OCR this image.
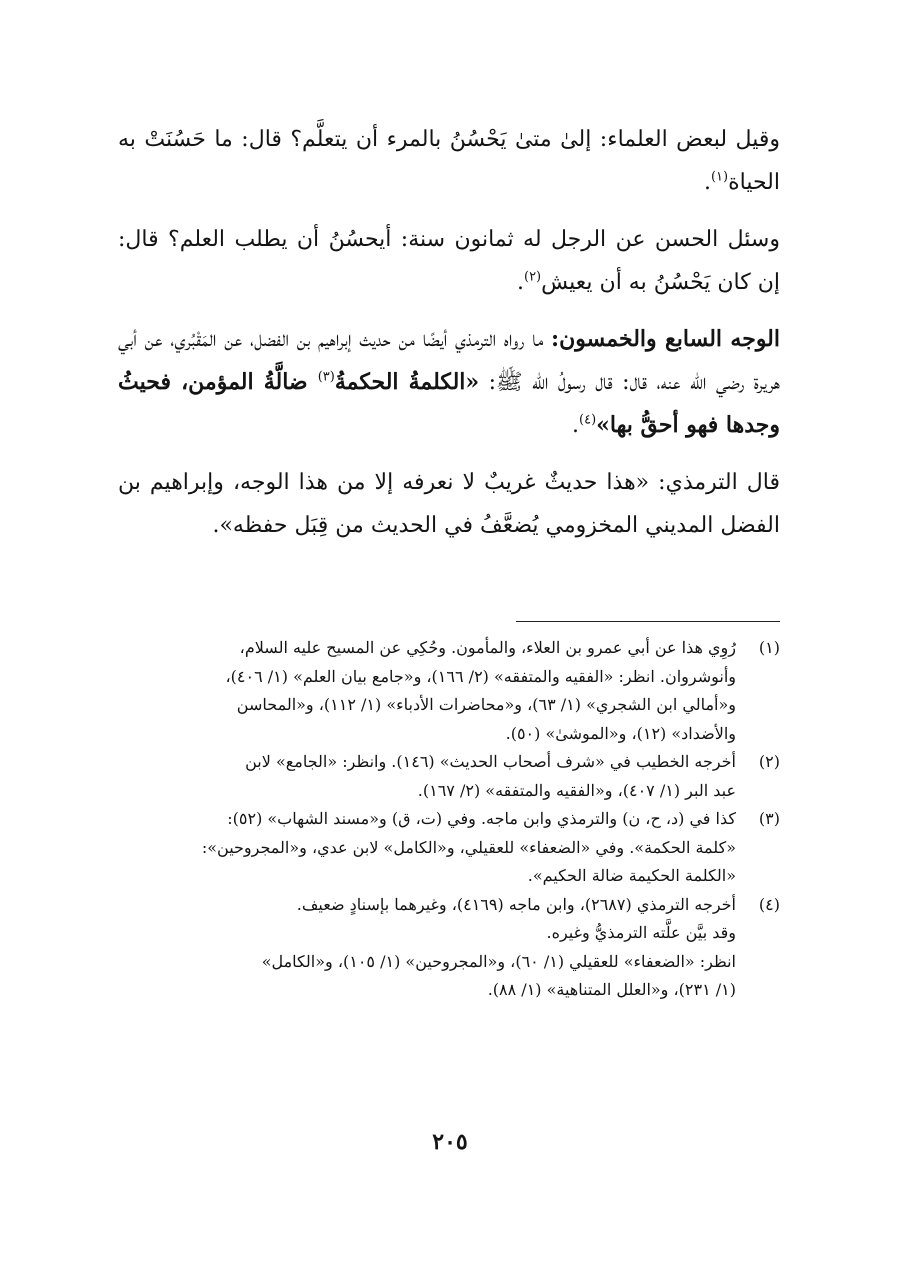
وقيل لبعض العلماء: إلىٰ متىٰ يَحْسُنُ بالمرء أن يتعلَّم؟ قال: ما حَسُنَتْ به الحياة$^{(١)}$.

وسئل الحسن عن الرجل له ثمانون سنة: أيحسُنُ أن يطلب العلم؟ قال: إن كان يَحْسُنُ به أن يعيش$^{(٢)}$.

الوجه السابع والخمسون: ما رواه الترمذي أيضًا من حديث إبراهيم بن الفضل، عن المَقْبُري، عن أبي هريرة رضي الله عنه، قال: قال رسولُ الله ﷺ: «الكلمةُ الحكمةُ$^{(٣)}$ ضالَّةُ المؤمن، فحيثُ وجدها فهو أحقُّ بها»$^{(٤)}$.

قال الترمذي: «هذا حديثٌ غريبٌ لا نعرفه إلا من هذا الوجه، وإبراهيم بن الفضل المديني المخزومي يُضعَّفُ في الحديث من قِبَل حفظه».

(١)
رُوِي هذا عن أبي عمرو بن العلاء، والمأمون. وحُكِي عن المسيح عليه السلام،
وأنوشروان. انظر: «الفقيه والمتفقه» (٢/ ١٦٦)، و«جامع بيان العلم» (١/ ٤٠٦)،
و«أمالي ابن الشجري» (١/ ٦٣)، و«محاضرات الأدباء» (١/ ١١٢)، و«المحاسن
والأضداد» (١٢)، و«الموشىٰ» (٥٠).
(٢)
أخرجه الخطيب في «شرف أصحاب الحديث» (١٤٦). وانظر: «الجامع» لابن
عبد البر (١/ ٤٠٧)، و«الفقيه والمتفقه» (٢/ ١٦٧).
(٣)
كذا في (د، ح، ن) والترمذي وابن ماجه. وفي (ت، ق) و«مسند الشهاب» (٥٢):
«كلمة الحكمة». وفي «الضعفاء» للعقيلي، و«الكامل» لابن عدي، و«المجروحين»:
«الكلمة الحكيمة ضالة الحكيم».
(٤)
أخرجه الترمذي (٢٦٨٧)، وابن ماجه (٤١٦٩)، وغيرهما بإسنادٍ ضعيف.
وقد بيَّن علَّته الترمذيُّ وغيره.
انظر: «الضعفاء» للعقيلي (١/ ٦٠)، و«المجروحين» (١/ ١٠٥)، و«الكامل»
(١/ ٢٣١)، و«العلل المتناهية» (١/ ٨٨).
٢٠٥
